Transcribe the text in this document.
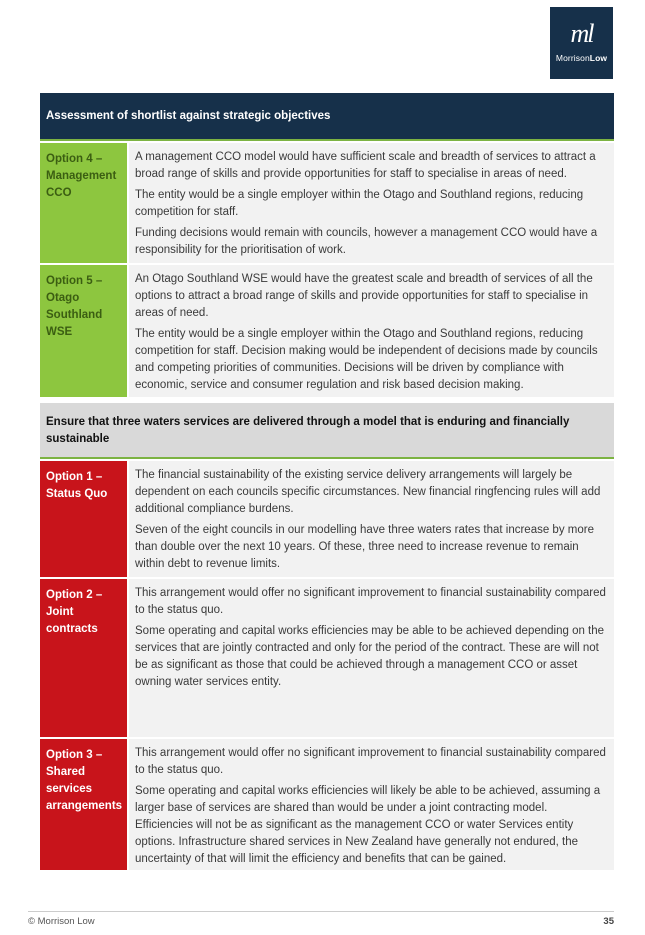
ml
MorrisonLow
Assessment of shortlist against strategic objectives
Option 4 – Management CCO

A management CCO model would have sufficient scale and breadth of services to attract a broad range of skills and provide opportunities for staff to specialise in areas of need.

The entity would be a single employer within the Otago and Southland regions, reducing competition for staff.

Funding decisions would remain with councils, however a management CCO would have a responsibility for the prioritisation of work.

Option 5 – Otago Southland WSE

An Otago Southland WSE would have the greatest scale and breadth of services of all the options to attract a broad range of skills and provide opportunities for staff to specialise in areas of need.

The entity would be a single employer within the Otago and Southland regions, reducing competition for staff. Decision making would be independent of decisions made by councils and competing priorities of communities. Decisions will be driven by compliance with economic, service and consumer regulation and risk based decision making.

Ensure that three waters services are delivered through a model that is enduring and financially sustainable
Option 1 – Status Quo

The financial sustainability of the existing service delivery arrangements will largely be dependent on each councils specific circumstances. New financial ringfencing rules will add additional compliance burdens.

Seven of the eight councils in our modelling have three waters rates that increase by more than double over the next 10 years. Of these, three need to increase revenue to remain within debt to revenue limits.

Option 2 – Joint contracts

This arrangement would offer no significant improvement to financial sustainability compared to the status quo.

Some operating and capital works efficiencies may be able to be achieved depending on the services that are jointly contracted and only for the period of the contract. These are will not be as significant as those that could be achieved through a management CCO or asset owning water services entity.

Option 3 – Shared services arrangements

This arrangement would offer no significant improvement to financial sustainability compared to the status quo.

Some operating and capital works efficiencies will likely be able to be achieved, assuming a larger base of services are shared than would be under a joint contracting model. Efficiencies will not be as significant as the management CCO or water Services entity options. Infrastructure shared services in New Zealand have generally not endured, the uncertainty of that will limit the efficiency and benefits that can be gained.

© Morrison Low	35
